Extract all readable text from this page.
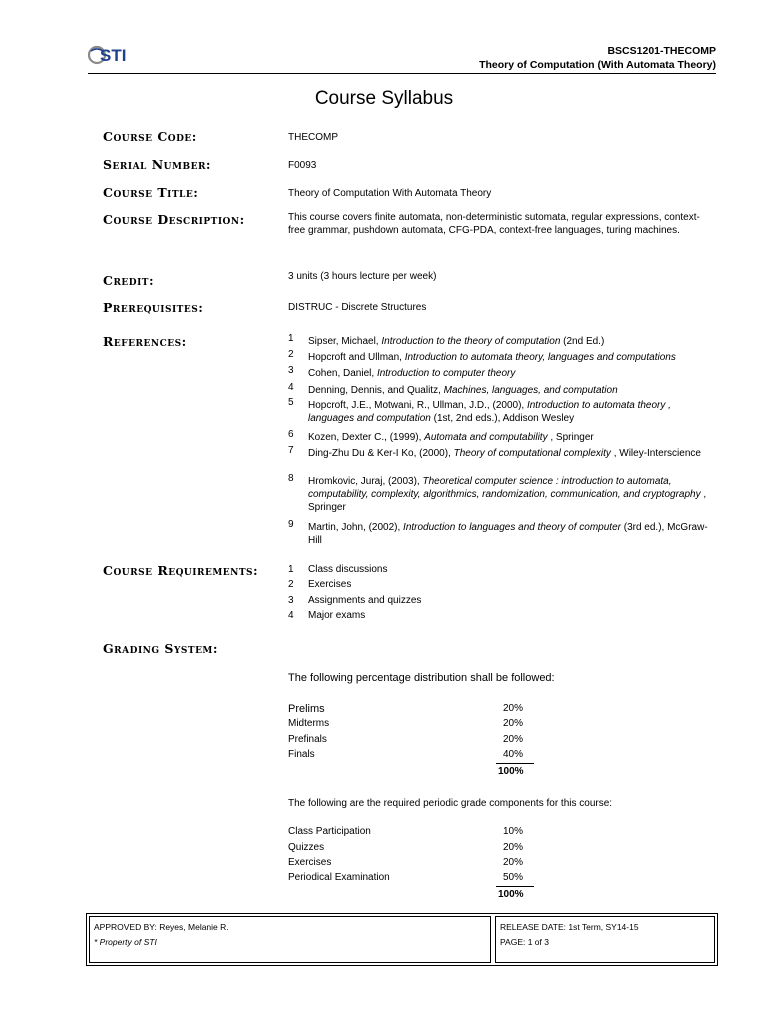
STI	BSCS1201-THECOMP
Theory of Computation (With Automata Theory)
Course Syllabus
Course Code:	THECOMP
Serial Number:	F0093
Course Title:	Theory of Computation With Automata Theory
Course Description:	This course covers finite automata, non-deterministic sutomata, regular expressions, context-free grammar, pushdown automata, CFG-PDA, context-free languages, turing machines.
Credit:	3 units (3 hours lecture per week)
Prerequisites:	DISTRUC - Discrete Structures
References:	1 Sipser, Michael, Introduction to the theory of computation (2nd Ed.)
2 Hopcroft and Ullman, Introduction to automata theory, languages and computations
3 Cohen, Daniel, Introduction to computer theory
4 Denning, Dennis, and Qualitz, Machines, languages, and computation
5 Hopcroft, J.E., Motwani, R., Ullman, J.D., (2000), Introduction to automata theory , languages and computation (1st, 2nd eds.), Addison Wesley
6 Kozen, Dexter C., (1999), Automata and computability , Springer
7 Ding-Zhu Du & Ker-I Ko, (2000), Theory of computational complexity , Wiley-Interscience
8 Hromkovic, Juraj, (2003), Theoretical computer science : introduction to automata, computability, complexity, algorithmics, randomization, communication, and cryptography , Springer
9 Martin, John, (2002), Introduction to languages and theory of computer (3rd ed.), McGraw-Hill
Course Requirements:	1 Class discussions
2 Exercises
3 Assignments and quizzes
4 Major exams
Grading System:
The following percentage distribution shall be followed:
Prelims	20%
Midterms	20%
Prefinals	20%
Finals	40%
100%
The following are the required periodic grade components for this course:
Class Participation	10%
Quizzes	20%
Exercises	20%
Periodical Examination	50%
100%
APPROVED BY: Reyes, Melanie R.
* Property of STI
RELEASE DATE: 1st Term, SY14-15
PAGE: 1 of 3
